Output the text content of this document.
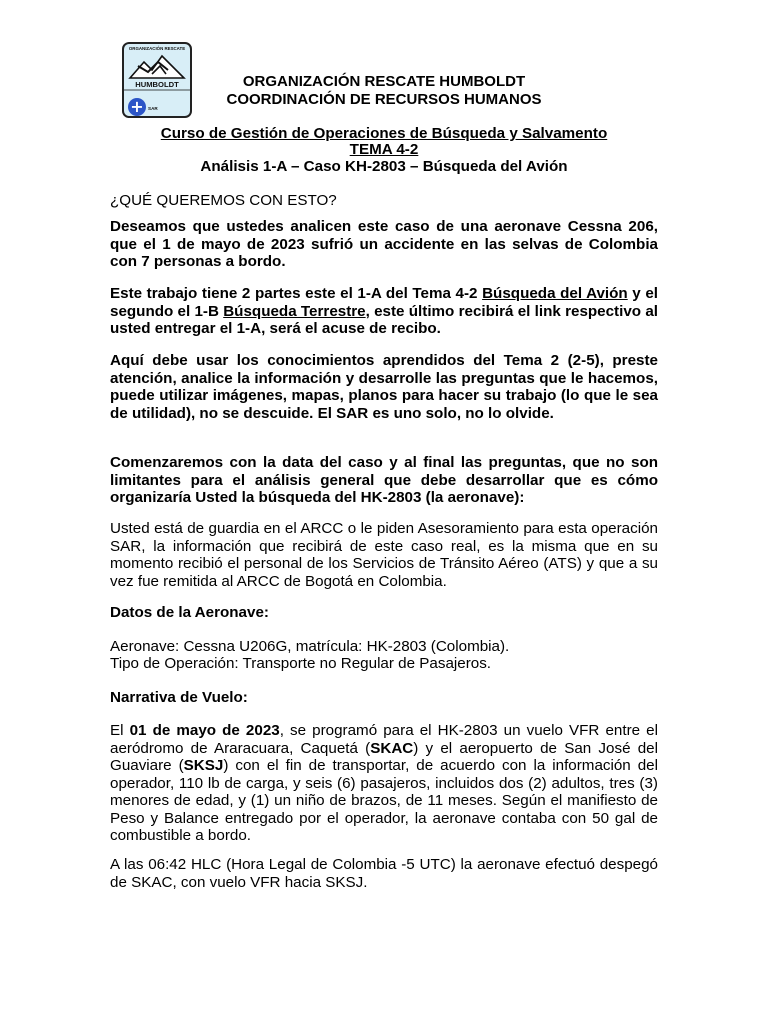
ORGANIZACIÓN RESCATE
HUMBOLDT
+ SAR
ORGANIZACIÓN RESCATE HUMBOLDT
COORDINACIÓN DE RECURSOS HUMANOS
Curso de Gestión de Operaciones de Búsqueda y Salvamento
TEMA 4-2
Análisis 1-A – Caso KH-2803 – Búsqueda del Avión
¿QUÉ QUEREMOS CON ESTO?
Deseamos que ustedes analicen este caso de una aeronave Cessna 206, que el 1 de mayo de 2023 sufrió un accidente en las selvas de Colombia con 7 personas a bordo.
Este trabajo tiene 2 partes este el 1-A del Tema 4-2 Búsqueda del Avión y el segundo el 1-B Búsqueda Terrestre, este último recibirá el link respectivo al usted entregar el 1-A, será el acuse de recibo.
Aquí debe usar los conocimientos aprendidos del Tema 2 (2-5), preste atención, analice la información y desarrolle las preguntas que le hacemos, puede utilizar imágenes, mapas, planos para hacer su trabajo (lo que le sea de utilidad), no se descuide. El SAR es uno solo, no lo olvide.
Comenzaremos con la data del caso y al final las preguntas, que no son limitantes para el análisis general que debe desarrollar que es cómo organizaría Usted la búsqueda del HK-2803 (la aeronave):
Usted está de guardia en el ARCC o le piden Asesoramiento para esta operación SAR, la información que recibirá de este caso real, es la misma que en su momento recibió el personal de los Servicios de Tránsito Aéreo (ATS) y que a su vez fue remitida al ARCC de Bogotá en Colombia.
Datos de la Aeronave:
Aeronave: Cessna U206G, matrícula: HK-2803 (Colombia).
Tipo de Operación: Transporte no Regular de Pasajeros.
Narrativa de Vuelo:
El 01 de mayo de 2023, se programó para el HK-2803 un vuelo VFR entre el aeródromo de Araracuara, Caquetá (SKAC) y el aeropuerto de San José del Guaviare (SKSJ) con el fin de transportar, de acuerdo con la información del operador, 110 lb de carga, y seis (6) pasajeros, incluidos dos (2) adultos, tres (3) menores de edad, y (1) un niño de brazos, de 11 meses. Según el manifiesto de Peso y Balance entregado por el operador, la aeronave contaba con 50 gal de combustible a bordo.
A las 06:42 HLC (Hora Legal de Colombia -5 UTC) la aeronave efectuó despegó de SKAC, con vuelo VFR hacia SKSJ.
